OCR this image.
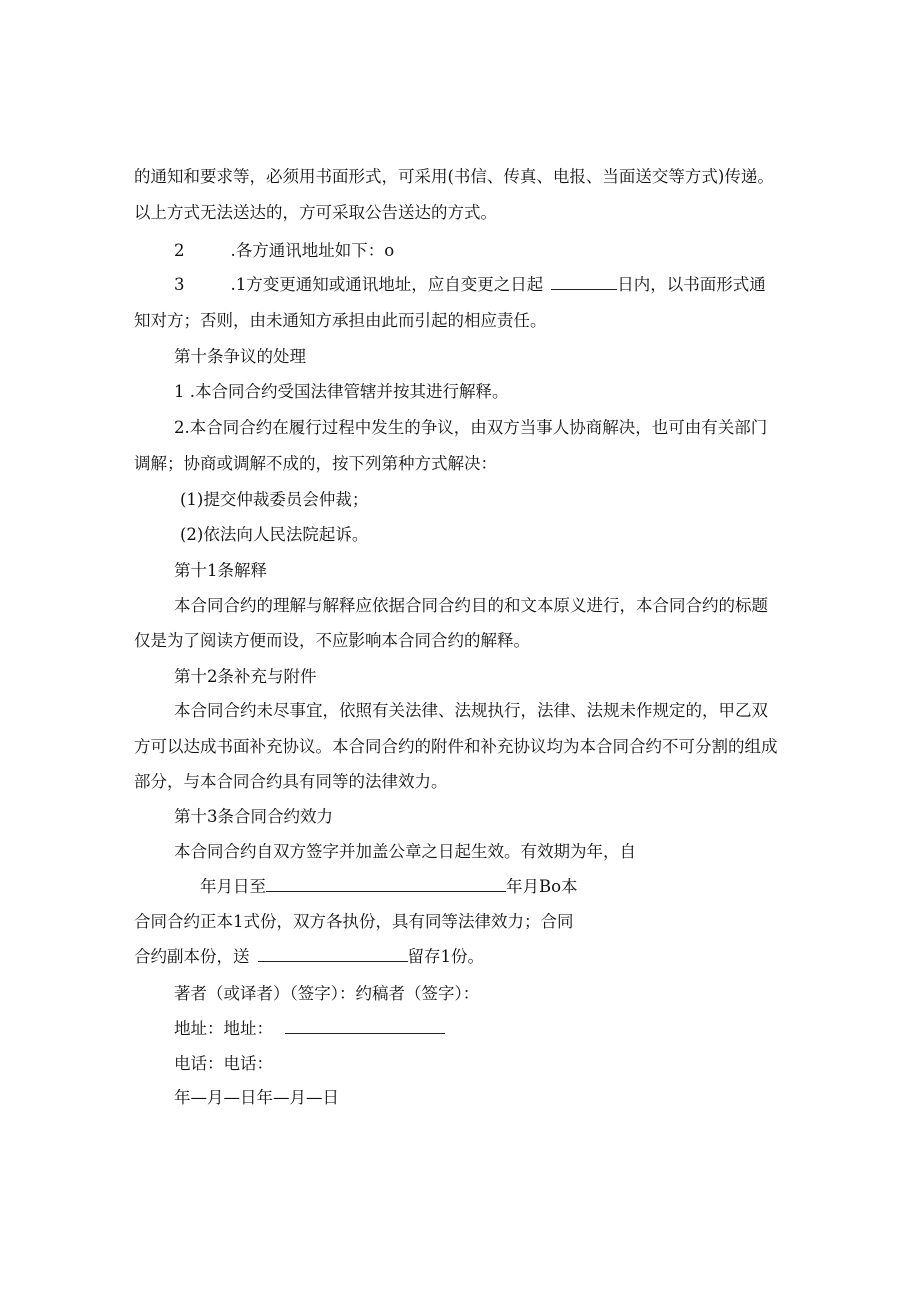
的通知和要求等，必须用书面形式，可采用(书信、传真、电报、当面送交等方式)传递。
以上方式无法送达的，方可采取公告送达的方式。
2	.各方通讯地址如下：o
3	.1方变更通知或通讯地址，应自变更之日起	日内，以书面形式通
知对方；否则，由未通知方承担由此而引起的相应责任。
第十条争议的处理
1 .本合同合约受国法律管辖并按其进行解释。
2.本合同合约在履行过程中发生的争议，由双方当事人协商解决，也可由有关部门
调解；协商或调解不成的，按下列第种方式解决：
(1)提交仲裁委员会仲裁；
(2)依法向人民法院起诉。
第十1条解释
本合同合约的理解与解释应依据合同合约目的和文本原义进行，本合同合约的标题
仅是为了阅读方便而设，不应影响本合同合约的解释。
第十2条补充与附件
本合同合约未尽事宜，依照有关法律、法规执行，法律、法规未作规定的，甲乙双
方可以达成书面补充协议。本合同合约的附件和补充协议均为本合同合约不可分割的组成
部分，与本合同合约具有同等的法律效力。
第十3条合同合约效力
本合同合约自双方签字并加盖公章之日起生效。有效期为年，自
年月日至	年月Bo本
合同合约正本1式份，双方各执份，具有同等法律效力；合同
合约副本份，送	留存1份。
著者（或译者）（签字）：约稿者（签字）：
地址：地址：
电话：电话：
年—月—日年—月—日
